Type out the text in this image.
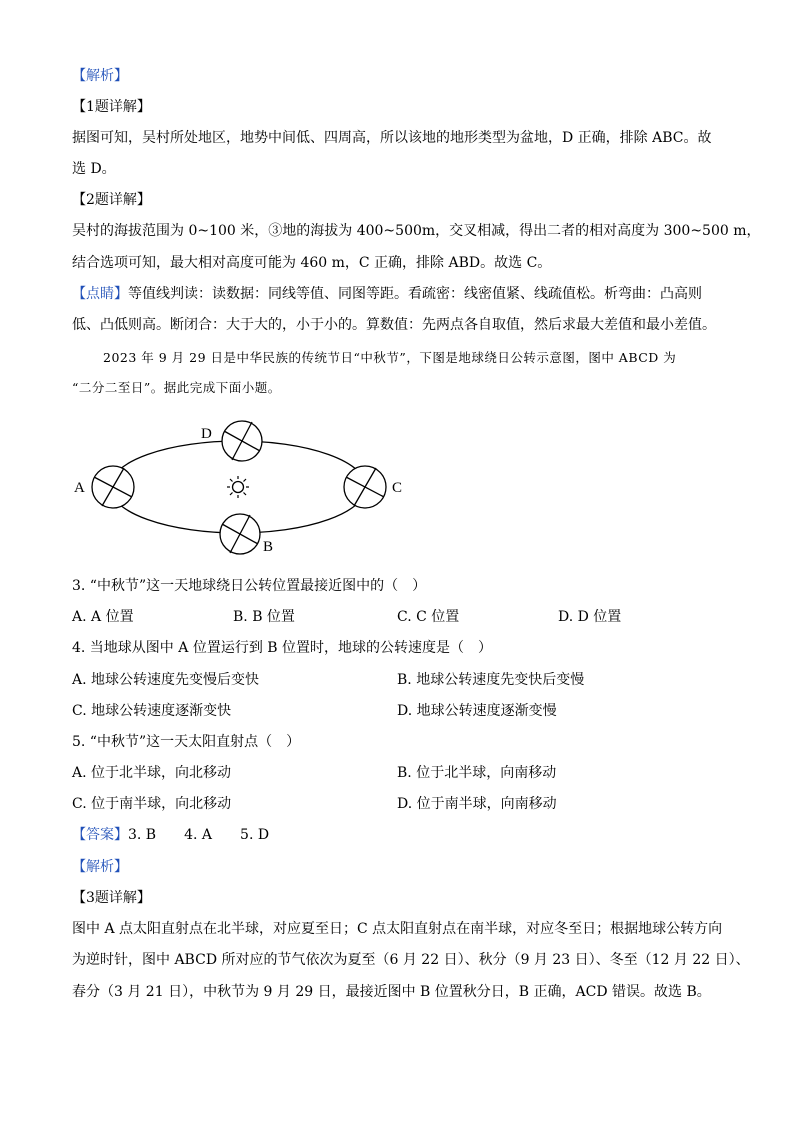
【解析】
【1题详解】
据图可知，吴村所处地区，地势中间低、四周高，所以该地的地形类型为盆地，D 正确，排除 ABC。故
选 D。
【2题详解】
吴村的海拔范围为 0~100 米，③地的海拔为 400~500m，交叉相减，得出二者的相对高度为 300~500 m，
结合选项可知，最大相对高度可能为 460 m，C 正确，排除 ABD。故选 C。
【点睛】等值线判读：读数据：同线等值、同图等距。看疏密：线密值紧、线疏值松。析弯曲：凸高则
低、凸低则高。断闭合：大于大的，小于小的。算数值：先两点各自取值，然后求最大差值和最小差值。
2023 年 9 月 29 日是中华民族的传统节日“中秋节”，下图是地球绕日公转示意图，图中 ABCD 为
“二分二至日”。据此完成下面小题。
D
A	C
B
3. “中秋节”这一天地球绕日公转位置最接近图中的（　）
A. A 位置	B. B 位置	C. C 位置	D. D 位置
4. 当地球从图中 A 位置运行到 B 位置时，地球的公转速度是（　）
A. 地球公转速度先变慢后变快	B. 地球公转速度先变快后变慢
C. 地球公转速度逐渐变快	D. 地球公转速度逐渐变慢
5. “中秋节”这一天太阳直射点（　）
A. 位于北半球，向北移动	B. 位于北半球，向南移动
C. 位于南半球，向北移动	D. 位于南半球，向南移动
【答案】3. B 4. A 5. D
【解析】
【3题详解】
图中 A 点太阳直射点在北半球，对应夏至日；C 点太阳直射点在南半球，对应冬至日；根据地球公转方向
为逆时针，图中 ABCD 所对应的节气依次为夏至（6 月 22 日）、秋分（9 月 23 日）、冬至（12 月 22 日）、
春分（3 月 21 日），中秋节为 9 月 29 日，最接近图中 B 位置秋分日，B 正确，ACD 错误。故选 B。
